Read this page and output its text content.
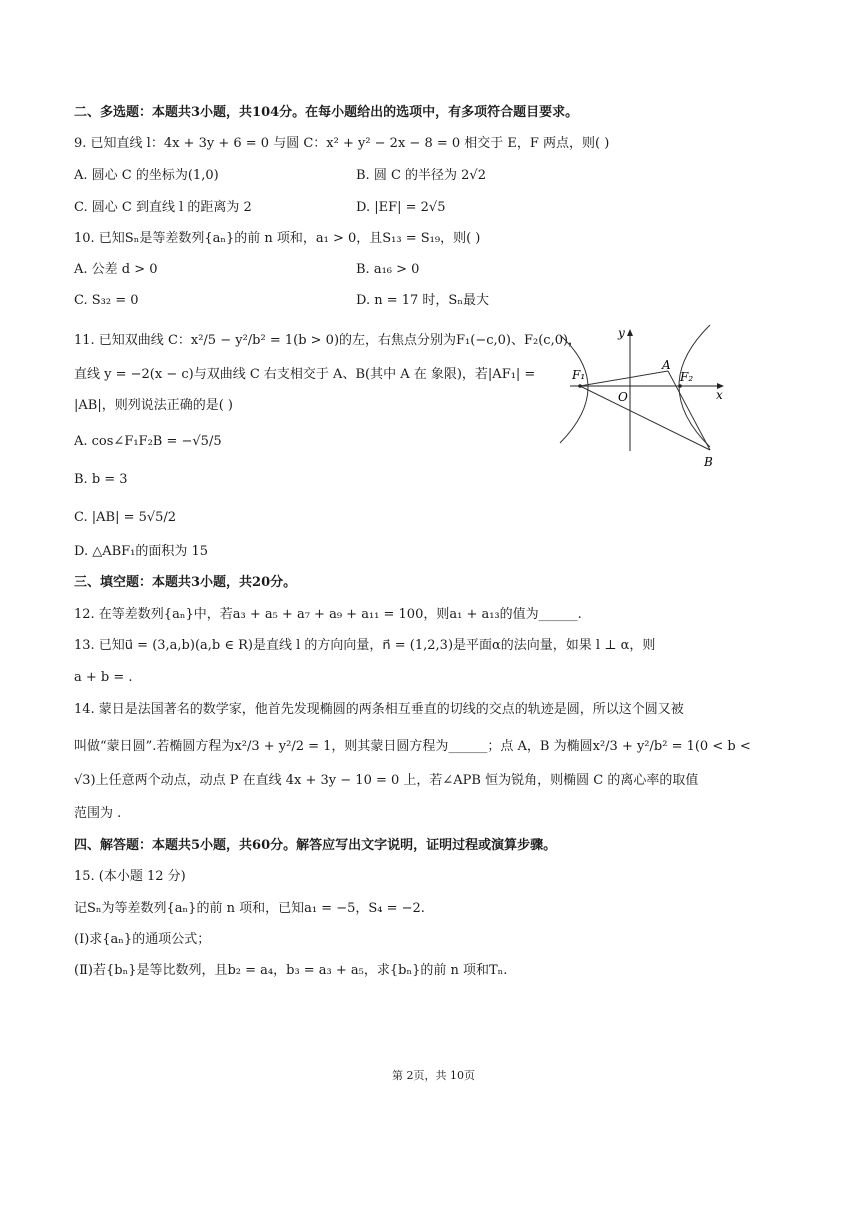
二、多选题：本题共3小题，共104分。在每小题给出的选项中，有多项符合题目要求。
9. 已知直线 l：4x + 3y + 6 = 0 与圆 C：x² + y² − 2x − 8 = 0 相交于 E，F 两点，则( )
A. 圆心 C 的坐标为(1,0)	B. 圆 C 的半径为 2√2
C. 圆心 C 到直线 l 的距离为 2	D. |EF| = 2√5
10. 已知Sₙ是等差数列{aₙ}的前 n 项和，a₁ > 0，且S₁₃ = S₁₉，则( )
A. 公差 d > 0	B. a₁₆ > 0
C. S₃₂ = 0	D. n = 17 时，Sₙ最大
11. 已知双曲线 C：x²/5 − y²/b² = 1(b > 0)的左，右焦点分别为F₁(−c,0)、F₂(c,0)，
直线 y = −2(x − c)与双曲线 C 右支相交于 A、B(其中 A 在 象限)，若|AF₁| =
|AB|，则列说法正确的是( )
A. cos∠F₁F₂B = −√5/5
B. b = 3
C. |AB| = 5√5/2
D. △ABF₁的面积为 15
y
x
O
A
B
F₁	F₂
三、填空题：本题共3小题，共20分。
12. 在等差数列{aₙ}中，若a₃ + a₅ + a₇ + a₉ + a₁₁ = 100，则a₁ + a₁₃的值为______.
13. 已知u⃗ = (3,a,b)(a,b ∈ R)是直线 l 的方向向量，n⃗ = (1,2,3)是平面α的法向量，如果 l ⊥ α，则
a + b = .
14. 蒙日是法国著名的数学家，他首先发现椭圆的两条相互垂直的切线的交点的轨迹是圆，所以这个圆又被
叫做“蒙日圆”.若椭圆方程为x²/3 + y²/2 = 1，则其蒙日圆方程为______；点 A，B 为椭圆x²/3 + y²/b² = 1(0 < b <
√3)上任意两个动点，动点 P 在直线 4x + 3y − 10 = 0 上，若∠APB 恒为锐角，则椭圆 C 的离心率的取值
范围为 .
四、解答题：本题共5小题，共60分。解答应写出文字说明，证明过程或演算步骤。
15. (本小题 12 分)
记Sₙ为等差数列{aₙ}的前 n 项和，已知a₁ = −5，S₄ = −2.
(Ⅰ)求{aₙ}的通项公式；
(Ⅱ)若{bₙ}是等比数列，且b₂ = a₄，b₃ = a₃ + a₅，求{bₙ}的前 n 项和Tₙ.
第 2页，共 10页
